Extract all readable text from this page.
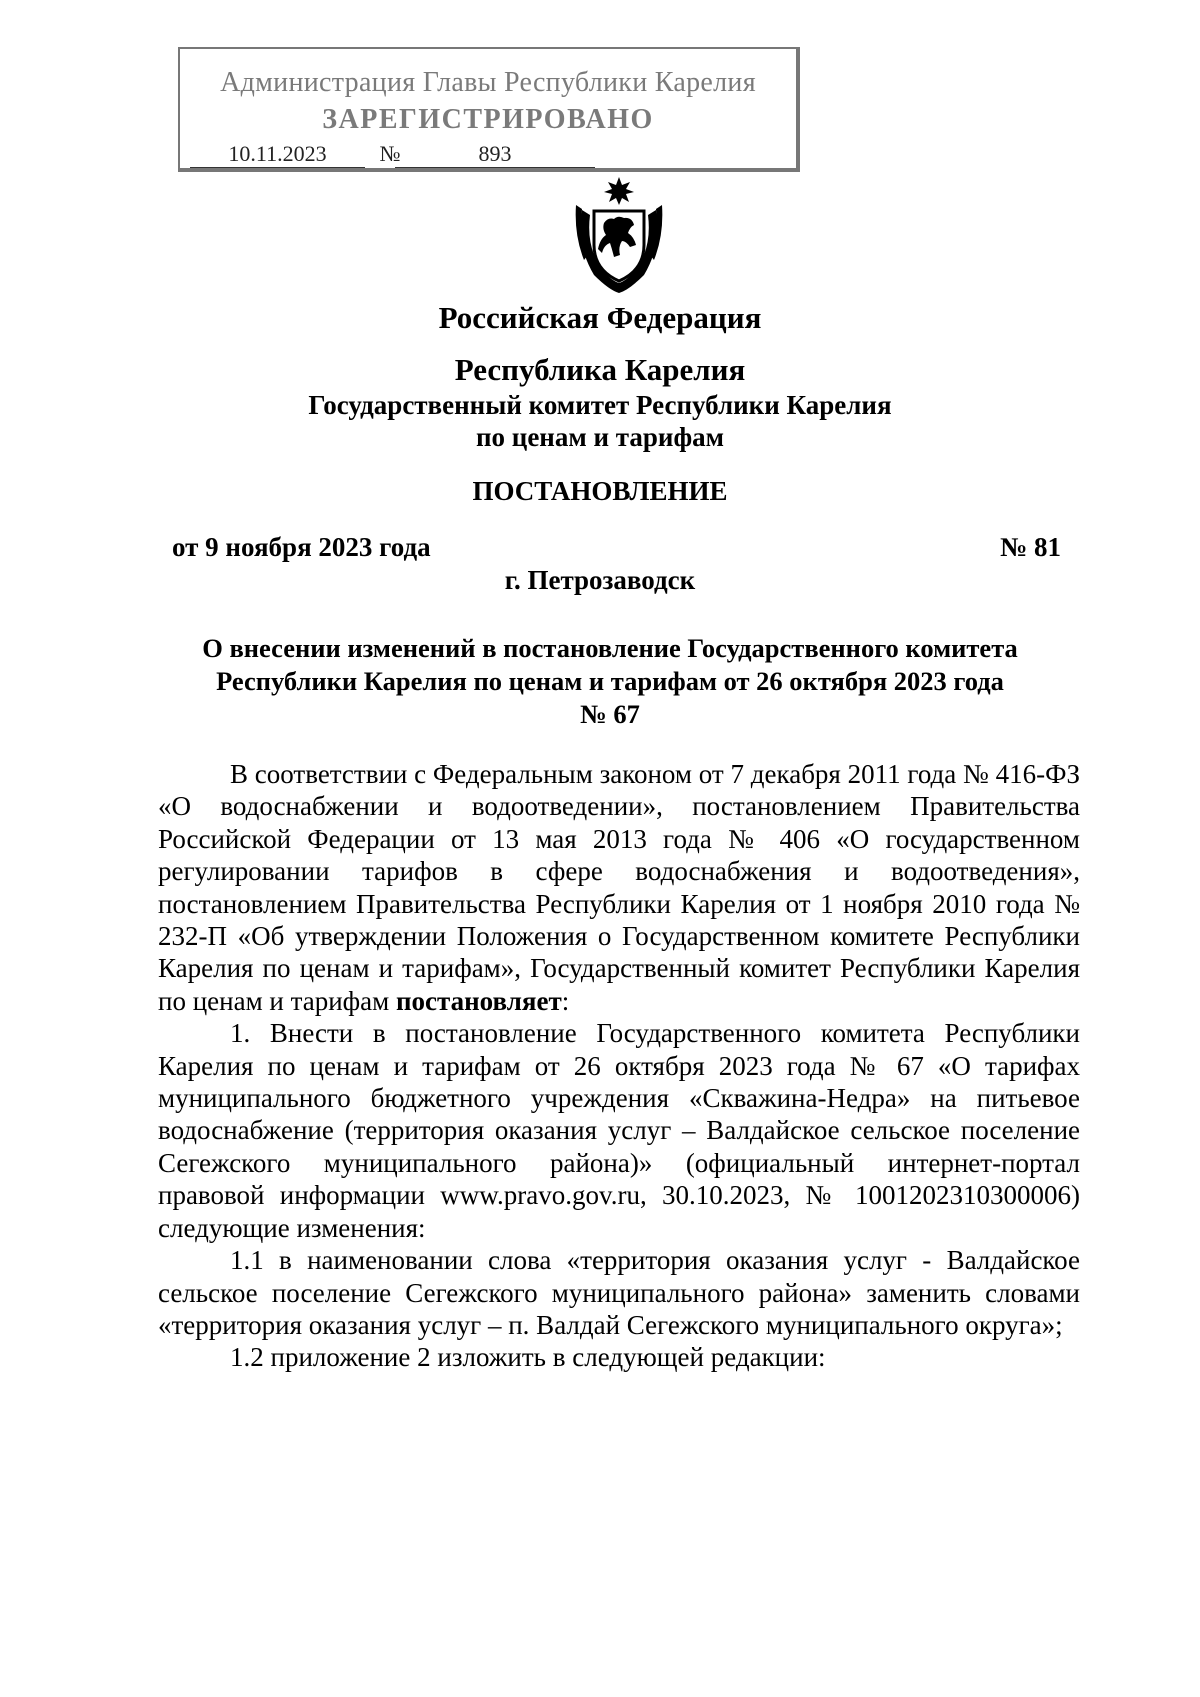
Администрация Главы Республики Карелия
ЗАРЕГИСТРИРОВАНО
10.11.2023	№	893
Российская Федерация
Республика Карелия
Государственный комитет Республики Карелия
по ценам и тарифам
ПОСТАНОВЛЕНИЕ
от 9 ноября 2023 года	№ 81
г. Петрозаводск
О внесении изменений в постановление Государственного комитета
Республики Карелия по ценам и тарифам от 26 октября 2023 года
№ 67

В соответствии с Федеральным законом от 7 декабря 2011 года № 416-ФЗ «О водоснабжении и водоотведении», постановлением Правительства Российской Федерации от 13 мая 2013 года № 406 «О государственном регулировании тарифов в сфере водоснабжения и водоотведения», постановлением Правительства Республики Карелия от 1 ноября 2010 года № 232-П «Об утверждении Положения о Государственном комитете Республики Карелия по ценам и тарифам», Государственный комитет Республики Карелия по ценам и тарифам постановляет:

1. Внести в постановление Государственного комитета Республики Карелия по ценам и тарифам от 26 октября 2023 года № 67 «О тарифах муниципального бюджетного учреждения «Скважина-Недра» на питьевое водоснабжение (территория оказания услуг – Валдайское сельское поселение Сегежского муниципального района)» (официальный интернет-портал правовой информации www.pravo.gov.ru, 30.10.2023, № 1001202310300006) следующие изменения:

1.1 в наименовании слова «территория оказания услуг - Валдайское сельское поселение Сегежского муниципального района» заменить словами «территория оказания услуг – п. Валдай Сегежского муниципального округа»;

1.2 приложение 2 изложить в следующей редакции:
